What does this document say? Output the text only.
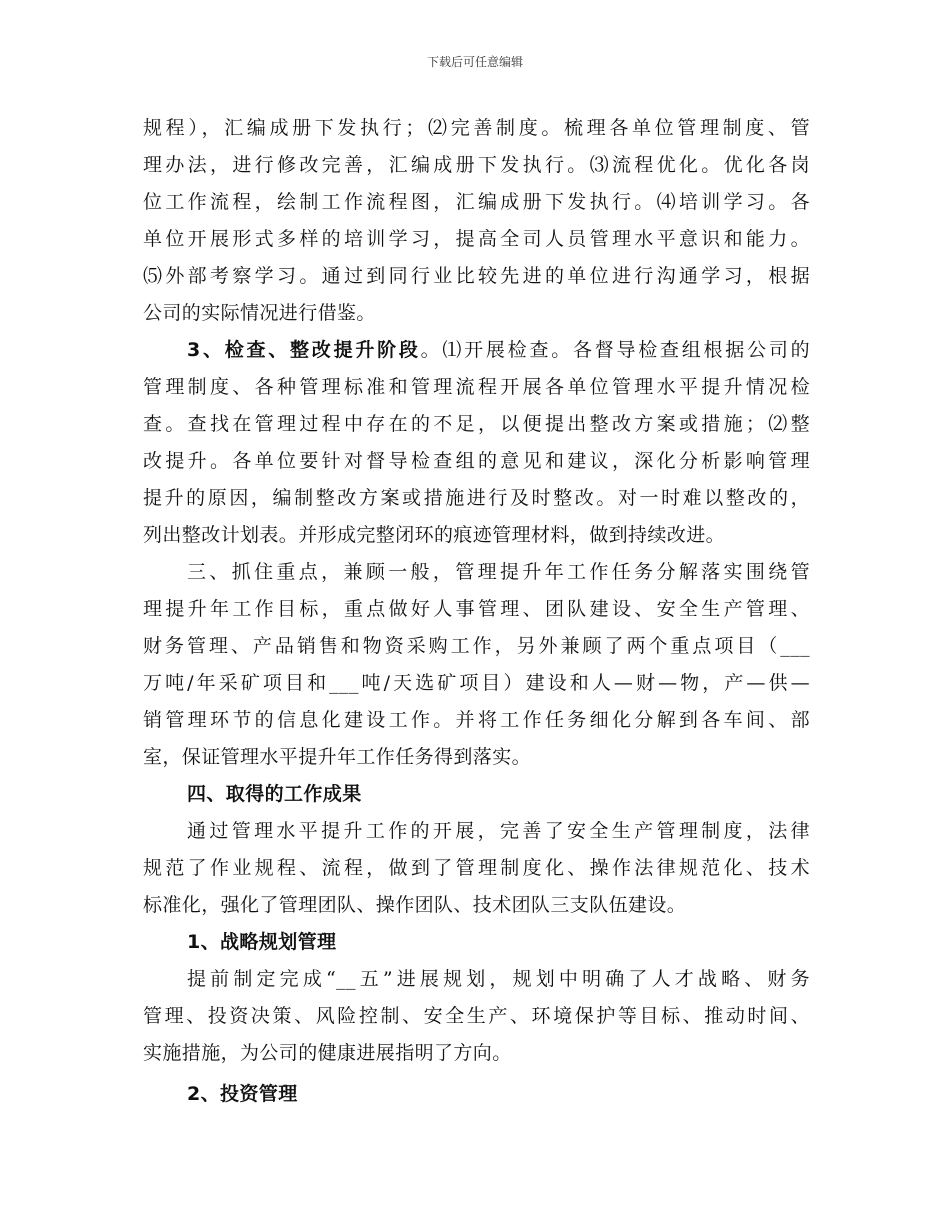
下载后可任意编辑
规程），汇编成册下发执行；⑵完善制度。梳理各单位管理制度、管
理办法，进行修改完善，汇编成册下发执行。⑶流程优化。优化各岗
位工作流程，绘制工作流程图，汇编成册下发执行。⑷培训学习。各
单位开展形式多样的培训学习，提高全司人员管理水平意识和能力。
⑸外部考察学习。通过到同行业比较先进的单位进行沟通学习，根据
公司的实际情况进行借鉴。
3、检查、整改提升阶段。⑴开展检查。各督导检查组根据公司的
管理制度、各种管理标准和管理流程开展各单位管理水平提升情况检
查。查找在管理过程中存在的不足，以便提出整改方案或措施；⑵整
改提升。各单位要针对督导检查组的意见和建议，深化分析影响管理
提升的原因，编制整改方案或措施进行及时整改。对一时难以整改的，
列出整改计划表。并形成完整闭环的痕迹管理材料，做到持续改进。
三、抓住重点，兼顾一般，管理提升年工作任务分解落实围绕管
理提升年工作目标，重点做好人事管理、团队建设、安全生产管理、
财务管理、产品销售和物资采购工作，另外兼顾了两个重点项目（___
万吨/年采矿项目和___吨/天选矿项目）建设和人—财—物，产—供—
销管理环节的信息化建设工作。并将工作任务细化分解到各车间、部
室，保证管理水平提升年工作任务得到落实。
四、取得的工作成果
通过管理水平提升工作的开展，完善了安全生产管理制度，法律
规范了作业规程、流程，做到了管理制度化、操作法律规范化、技术
标准化，强化了管理团队、操作团队、技术团队三支队伍建设。
1、战略规划管理
提前制定完成“__五”进展规划，规划中明确了人才战略、财务
管理、投资决策、风险控制、安全生产、环境保护等目标、推动时间、
实施措施，为公司的健康进展指明了方向。
2、投资管理
